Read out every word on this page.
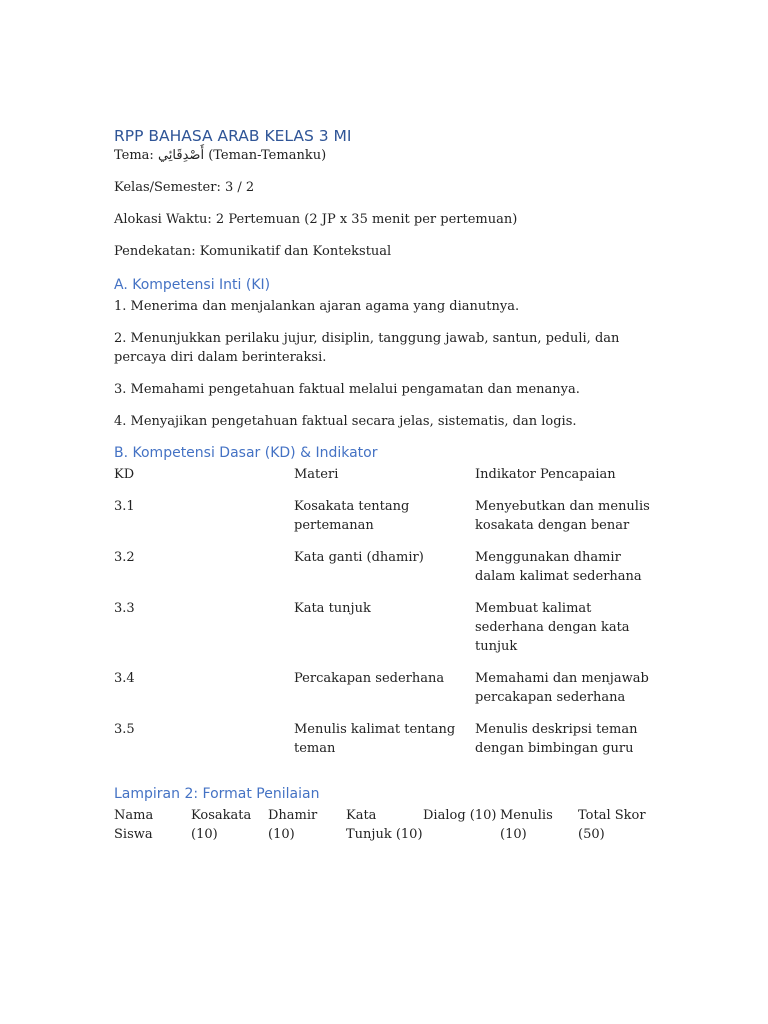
RPP BAHASA ARAB KELAS 3 MI

Tema: أَصْدِقَائِي (Teman-Temanku)

Kelas/Semester: 3 / 2

Alokasi Waktu: 2 Pertemuan (2 JP x 35 menit per pertemuan)

Pendekatan: Komunikatif dan Kontekstual

A. Kompetensi Inti (KI)

1. Menerima dan menjalankan ajaran agama yang dianutnya.

2. Menunjukkan perilaku jujur, disiplin, tanggung jawab, santun, peduli, dan percaya diri dalam berinteraksi.

3. Memahami pengetahuan faktual melalui pengamatan dan menanya.

4. Menyajikan pengetahuan faktual secara jelas, sistematis, dan logis.

B. Kompetensi Dasar (KD) & Indikator
KD	Materi	Indikator Pencapaian
3.1	Kosakata tentang pertemanan	Menyebutkan dan menulis kosakata dengan benar
3.2	Kata ganti (dhamir)	Menggunakan dhamir dalam kalimat sederhana
3.3	Kata tunjuk	Membuat kalimat sederhana dengan kata tunjuk
3.4	Percakapan sederhana	Memahami dan menjawab percakapan sederhana
3.5	Menulis kalimat tentang teman	Menulis deskripsi teman dengan bimbingan guru
Lampiran 2: Format Penilaian
Nama Siswa	Kosakata (10)	Dhamir (10)	Kata Tunjuk (10)	Dialog (10)	Menulis (10)	Total Skor (50)
